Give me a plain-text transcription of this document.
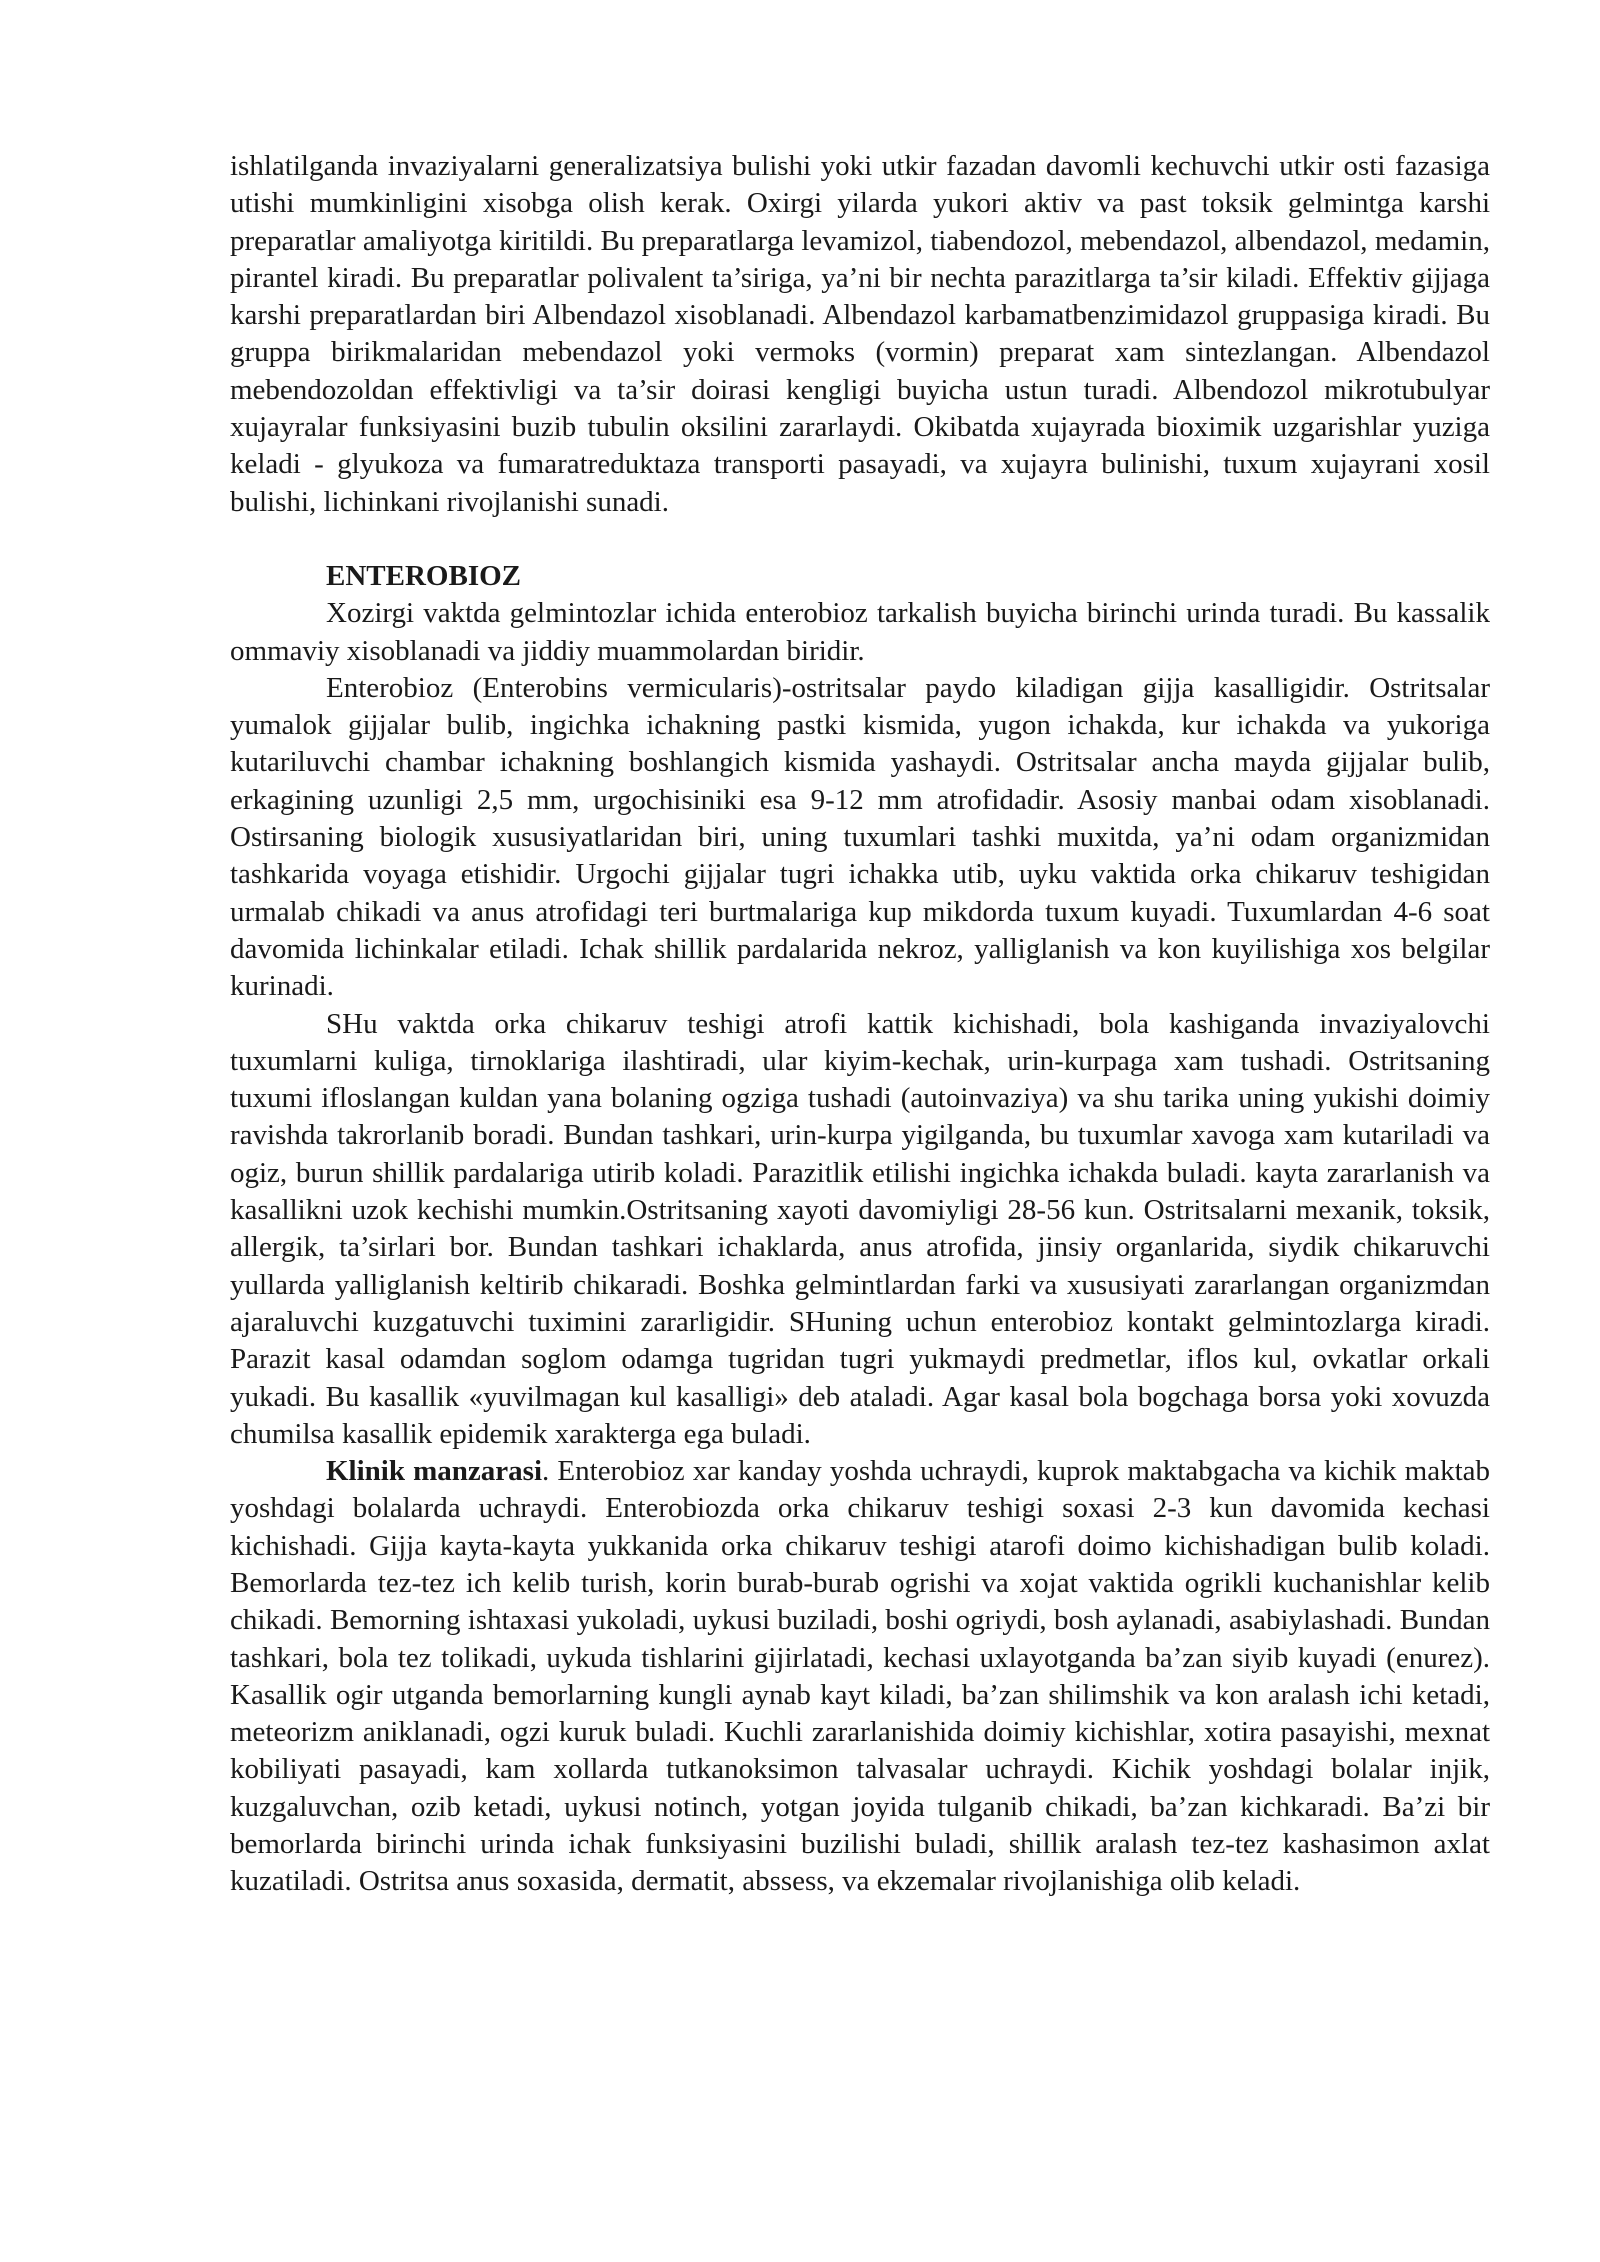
ishlatilganda invaziyalarni generalizatsiya bulishi yoki utkir fazadan davomli kechuvchi utkir osti fazasiga utishi mumkinligini xisobga olish kerak. Oxirgi yilarda yukori aktiv va past toksik gelmintga karshi preparatlar amaliyotga kiritildi. Bu preparatlarga levamizol, tiabendozol, mebendazol, albendazol, medamin, pirantel kiradi. Bu preparatlar polivalent ta’siriga, ya’ni bir nechta parazitlarga ta’sir kiladi. Effektiv gijjaga karshi preparatlardan biri Albendazol xisoblanadi. Albendazol karbamatbenzimidazol gruppasiga kiradi. Bu gruppa birikmalaridan mebendazol yoki vermoks (vormin) preparat xam sintezlangan. Albendazol mebendozoldan effektivligi va ta’sir doirasi kengligi buyicha ustun turadi. Albendozol mikrotubulyar xujayralar funksiyasini buzib tubulin oksilini zararlaydi. Okibatda xujayrada bioximik uzgarishlar yuziga keladi - glyukoza va fumaratreduktaza transporti pasayadi, va xujayra bulinishi, tuxum xujayrani xosil bulishi, lichinkani rivojlanishi sunadi.

ENTEROBIOZ

Xozirgi vaktda gelmintozlar ichida enterobioz tarkalish buyicha birinchi urinda turadi. Bu kassalik ommaviy xisoblanadi va jiddiy muammolardan biridir.

Enterobioz (Enterobins vermicularis)-ostritsalar paydo kiladigan gijja kasalligidir. Ostritsalar yumalok gijjalar bulib, ingichka ichakning pastki kismida, yugon ichakda, kur ichakda va yukoriga kutariluvchi chambar ichakning boshlangich kismida yashaydi. Ostritsalar ancha mayda gijjalar bulib, erkagining uzunligi 2,5 mm, urgochisiniki esa 9-12 mm atrofidadir. Asosiy manbai odam xisoblanadi. Ostirsaning biologik xususiyatlaridan biri, uning tuxumlari tashki muxitda, ya’ni odam organizmidan tashkarida voyaga etishidir. Urgochi gijjalar tugri ichakka utib, uyku vaktida orka chikaruv teshigidan urmalab chikadi va anus atrofidagi teri burtmalariga kup mikdorda tuxum kuyadi. Tuxumlardan 4-6 soat davomida lichinkalar etiladi. Ichak shillik pardalarida nekroz, yalliglanish va kon kuyilishiga xos belgilar kurinadi.

SHu vaktda orka chikaruv teshigi atrofi kattik kichishadi, bola kashiganda invaziyalovchi tuxumlarni kuliga, tirnoklariga ilashtiradi, ular kiyim-kechak, urin-kurpaga xam tushadi. Ostritsaning tuxumi ifloslangan kuldan yana bolaning ogziga tushadi (autoinvaziya) va shu tarika uning yukishi doimiy ravishda takrorlanib boradi. Bundan tashkari, urin-kurpa yigilganda, bu tuxumlar xavoga xam kutariladi va ogiz, burun shillik pardalariga utirib koladi. Parazitlik etilishi ingichka ichakda buladi. kayta zararlanish va kasallikni uzok kechishi mumkin.Ostritsaning xayoti davomiyligi 28-56 kun. Ostritsalarni mexanik, toksik, allergik, ta’sirlari bor. Bundan tashkari ichaklarda, anus atrofida, jinsiy organlarida, siydik chikaruvchi yullarda yalliglanish keltirib chikaradi. Boshka gelmintlardan farki va xususiyati zararlangan organizmdan ajaraluvchi kuzgatuvchi tuximini zararligidir. SHuning uchun enterobioz kontakt gelmintozlarga kiradi. Parazit kasal odamdan soglom odamga tugridan tugri yukmaydi predmetlar, iflos kul, ovkatlar orkali yukadi. Bu kasallik «yuvilmagan kul kasalligi» deb ataladi. Agar kasal bola bogchaga borsa yoki xovuzda chumilsa kasallik epidemik xarakterga ega buladi.

Klinik manzarasi. Enterobioz xar kanday yoshda uchraydi, kuprok maktabgacha va kichik maktab yoshdagi bolalarda uchraydi. Enterobiozda orka chikaruv teshigi soxasi 2-3 kun davomida kechasi kichishadi. Gijja kayta-kayta yukkanida orka chikaruv teshigi atarofi doimo kichishadigan bulib koladi. Bemorlarda tez-tez ich kelib turish, korin burab-burab ogrishi va xojat vaktida ogrikli kuchanishlar kelib chikadi. Bemorning ishtaxasi yukoladi, uykusi buziladi, boshi ogriydi, bosh aylanadi, asabiylashadi. Bundan tashkari, bola tez tolikadi, uykuda tishlarini gijirlatadi, kechasi uxlayotganda ba’zan siyib kuyadi (enurez). Kasallik ogir utganda bemorlarning kungli aynab kayt kiladi, ba’zan shilimshik va kon aralash ichi ketadi, meteorizm aniklanadi, ogzi kuruk buladi. Kuchli zararlanishida doimiy kichishlar, xotira pasayishi, mexnat kobiliyati pasayadi, kam xollarda tutkanoksimon talvasalar uchraydi. Kichik yoshdagi bolalar injik, kuzgaluvchan, ozib ketadi, uykusi notinch, yotgan joyida tulganib chikadi, ba’zan kichkaradi. Ba’zi bir bemorlarda birinchi urinda ichak funksiyasini buzilishi buladi, shillik aralash tez-tez kashasimon axlat kuzatiladi. Ostritsa anus soxasida, dermatit, abssess, va ekzemalar rivojlanishiga olib keladi.
